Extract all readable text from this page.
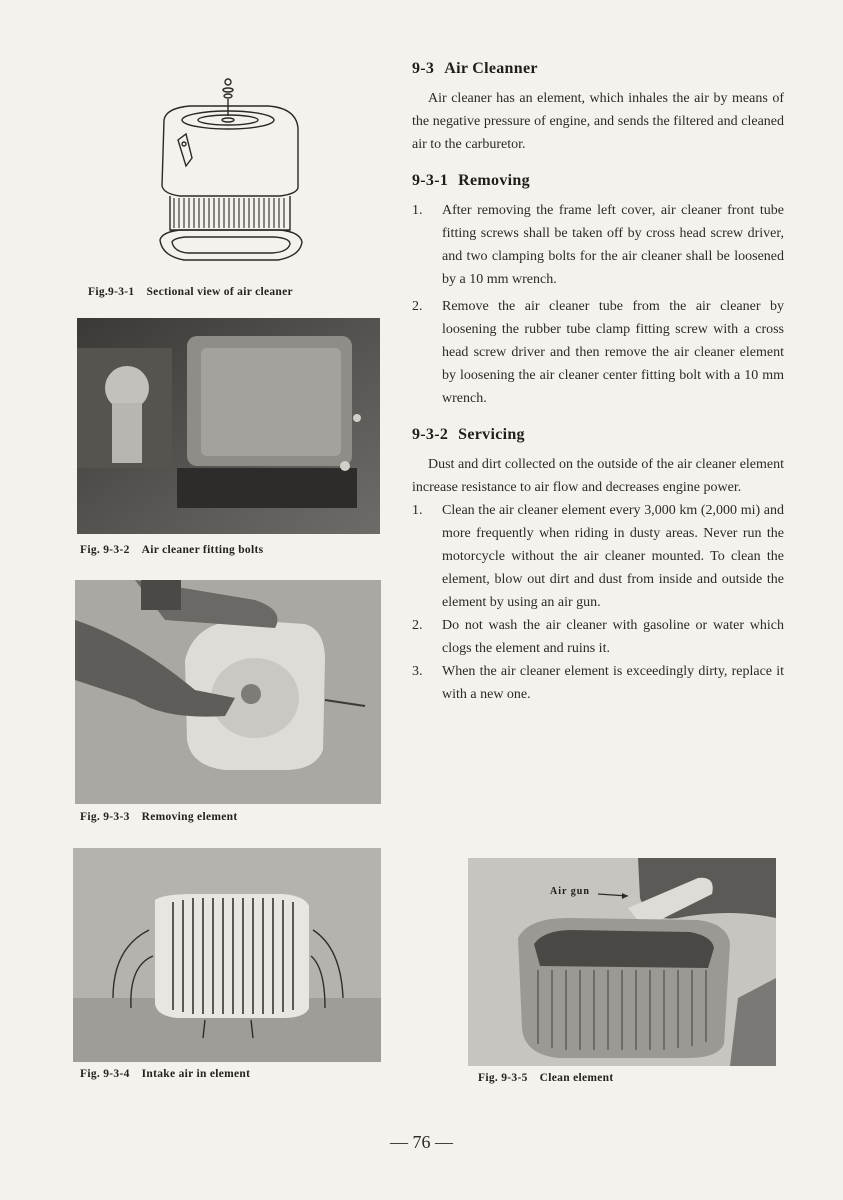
Fig.9-3-1 Sectional view of air cleaner
Fig. 9-3-2 Air cleaner fitting bolts
Fig. 9-3-3 Removing element
Fig. 9-3-4 Intake air in element
Air gun
Fig. 9-3-5 Clean element
9-3 Air Cleanner

Air cleaner has an element, which inhales the air by means of the negative pressure of engine, and sends the filtered and cleaned air to the carburetor.

9-3-1 Removing
1. After removing the frame left cover, air cleaner front tube fitting screws shall be taken off by cross head screw driver, and two clamping bolts for the air cleaner shall be loosened by a 10 mm wrench.
2. Remove the air cleaner tube from the air cleaner by loosening the rubber tube clamp fitting screw with a cross head screw driver and then remove the air cleaner element by loosening the air cleaner center fitting bolt with a 10 mm wrench.
9-3-2 Servicing

Dust and dirt collected on the outside of the air cleaner element increase resistance to air flow and decreases engine power.

1. Clean the air cleaner element every 3,000 km (2,000 mi) and more frequently when riding in dusty areas. Never run the motorcycle without the air cleaner mounted. To clean the element, blow out dirt and dust from inside and outside the element by using an air gun.
2. Do not wash the air cleaner with gasoline or water which clogs the element and ruins it.
3. When the air cleaner element is exceedingly dirty, replace it with a new one.
— 76 —
